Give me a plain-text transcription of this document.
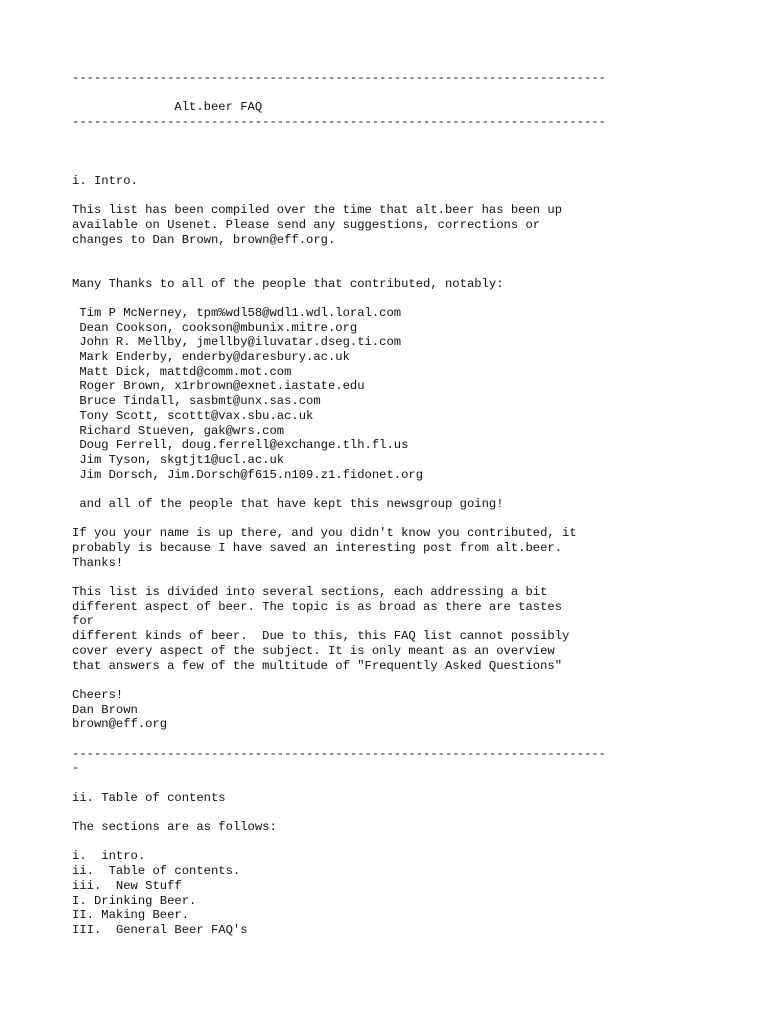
-------------------------------------------------------------------------
Alt.beer FAQ
-------------------------------------------------------------------------
i. Intro.
This list has been compiled over the time that alt.beer has been up
available on Usenet. Please send any suggestions, corrections or
changes to Dan Brown, brown@eff.org.
Many Thanks to all of the people that contributed, notably:
Tim P McNerney, tpm%wdl58@wdl1.wdl.loral.com
Dean Cookson, cookson@mbunix.mitre.org
John R. Mellby, jmellby@iluvatar.dseg.ti.com
Mark Enderby, enderby@daresbury.ac.uk
Matt Dick, mattd@comm.mot.com
Roger Brown, x1rbrown@exnet.iastate.edu
Bruce Tindall, sasbmt@unx.sas.com
Tony Scott, scottt@vax.sbu.ac.uk
Richard Stueven, gak@wrs.com
Doug Ferrell, doug.ferrell@exchange.tlh.fl.us
Jim Tyson, skgtjt1@ucl.ac.uk
Jim Dorsch, Jim.Dorsch@f615.n109.z1.fidonet.org
and all of the people that have kept this newsgroup going!
If you your name is up there, and you didn't know you contributed, it
probably is because I have saved an interesting post from alt.beer.
Thanks!
This list is divided into several sections, each addressing a bit
different aspect of beer. The topic is as broad as there are tastes
for
different kinds of beer.  Due to this, this FAQ list cannot possibly
cover every aspect of the subject. It is only meant as an overview
that answers a few of the multitude of "Frequently Asked Questions"
Cheers!
Dan Brown
brown@eff.org
-------------------------------------------------------------------------
-
ii. Table of contents
The sections are as follows:
i.  intro.
ii.  Table of contents.
iii.  New Stuff
I. Drinking Beer.
II. Making Beer.
III.  General Beer FAQ's
